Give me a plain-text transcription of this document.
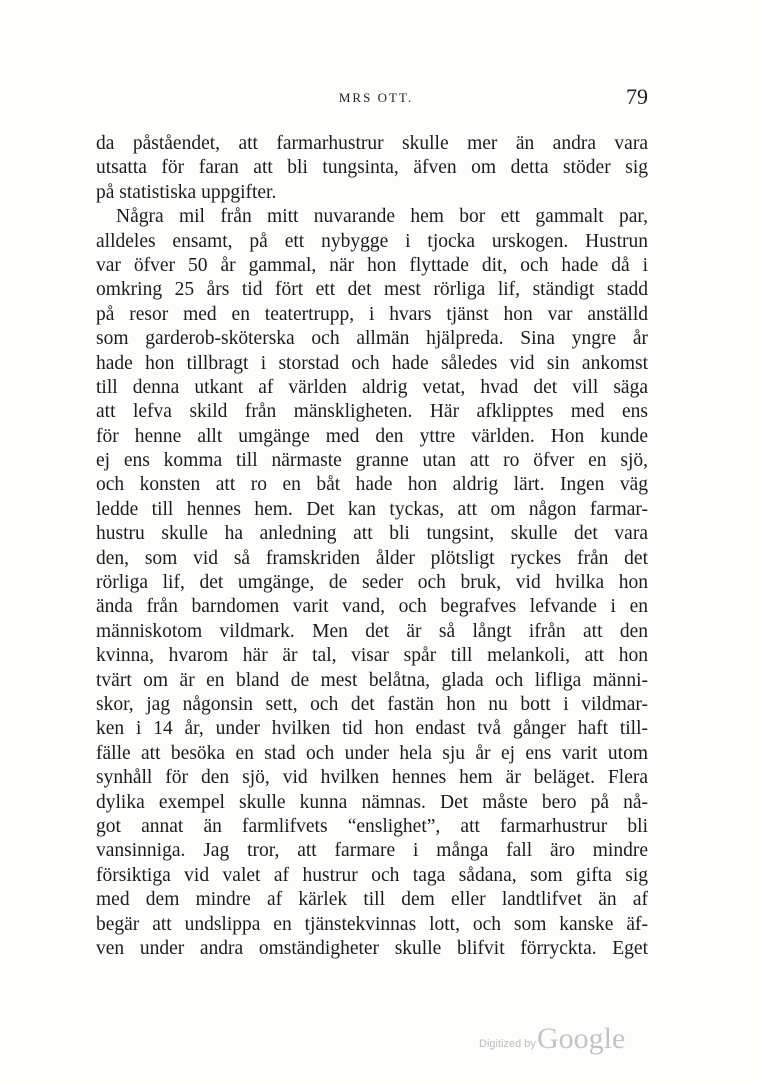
MRS OTT.	79
da påståendet, att farmarhustrur skulle mer än andra vara
utsatta för faran att bli tungsinta, äfven om detta stöder sig
på statistiska uppgifter.
Några mil från mitt nuvarande hem bor ett gammalt par,
alldeles ensamt, på ett nybygge i tjocka urskogen. Hustrun
var öfver 50 år gammal, när hon flyttade dit, och hade då i
omkring 25 års tid fört ett det mest rörliga lif, ständigt stadd
på resor med en teatertrupp, i hvars tjänst hon var anställd
som garderob-sköterska och allmän hjälpreda. Sina yngre år
hade hon tillbragt i storstad och hade således vid sin ankomst
till denna utkant af världen aldrig vetat, hvad det vill säga
att lefva skild från mänskligheten. Här afklipptes med ens
för henne allt umgänge med den yttre världen. Hon kunde
ej ens komma till närmaste granne utan att ro öfver en sjö,
och konsten att ro en båt hade hon aldrig lärt. Ingen väg
ledde till hennes hem. Det kan tyckas, att om någon farmar-
hustru skulle ha anledning att bli tungsint, skulle det vara
den, som vid så framskriden ålder plötsligt ryckes från det
rörliga lif, det umgänge, de seder och bruk, vid hvilka hon
ända från barndomen varit vand, och begrafves lefvande i en
människotom vildmark. Men det är så långt ifrån att den
kvinna, hvarom här är tal, visar spår till melankoli, att hon
tvärt om är en bland de mest belåtna, glada och lifliga männi-
skor, jag någonsin sett, och det fastän hon nu bott i vildmar-
ken i 14 år, under hvilken tid hon endast två gånger haft till-
fälle att besöka en stad och under hela sju år ej ens varit utom
synhåll för den sjö, vid hvilken hennes hem är beläget. Flera
dylika exempel skulle kunna nämnas. Det måste bero på nå-
got annat än farmlifvets “enslighet”, att farmarhustrur bli
vansinniga. Jag tror, att farmare i många fall äro mindre
försiktiga vid valet af hustrur och taga sådana, som gifta sig
med dem mindre af kärlek till dem eller landtlifvet än af
begär att undslippa en tjänstekvinnas lott, och som kanske äf-
ven under andra omständigheter skulle blifvit förryckta. Eget
Digitized by Google
